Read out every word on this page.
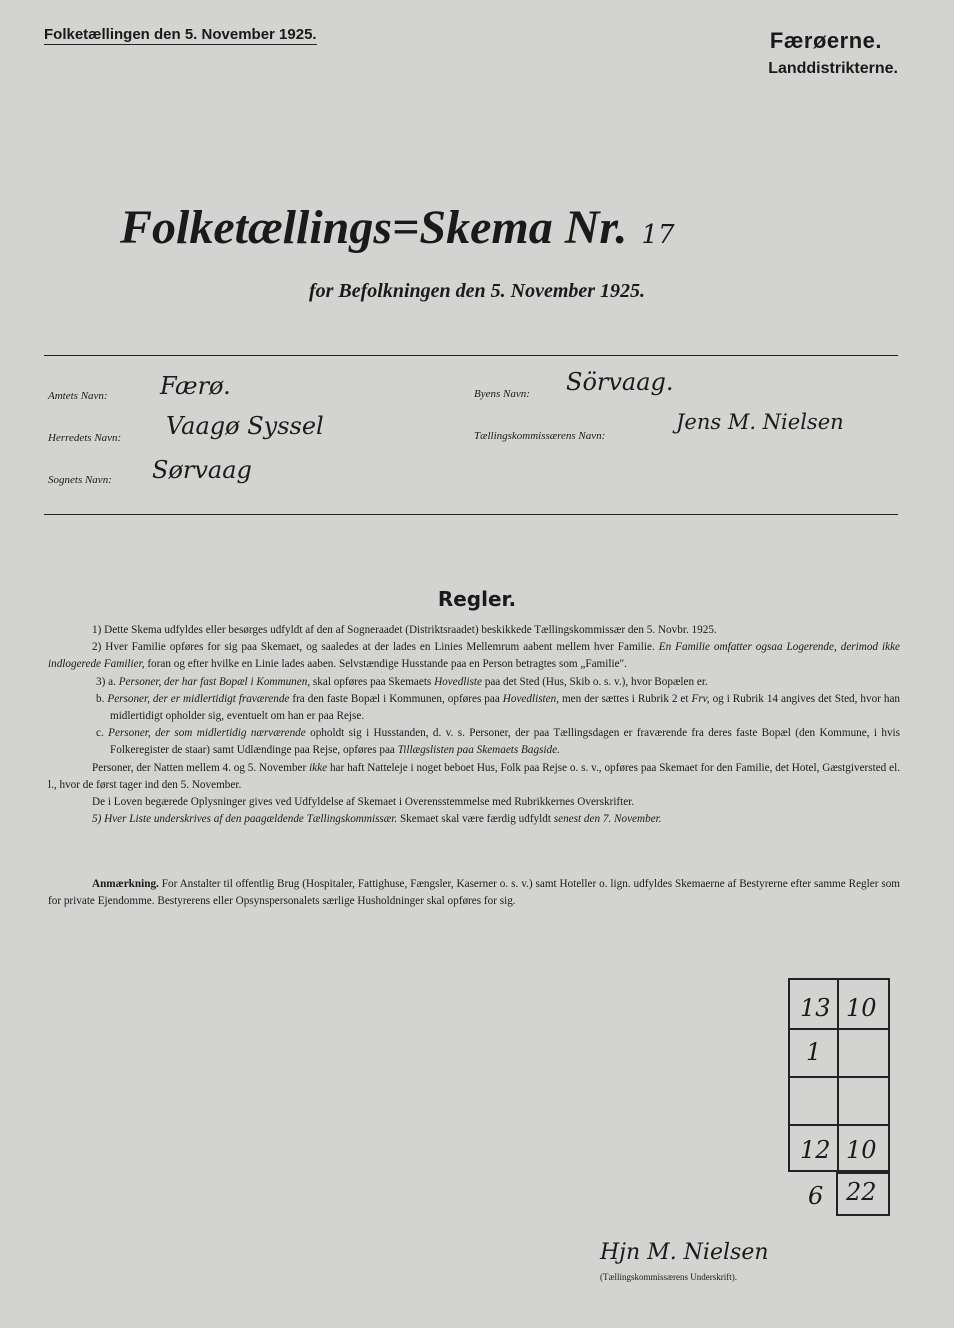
Folketællingen den 5. November 1925.	Færøerne.
Landdistrikterne.
Folketællings=Skema Nr. 17
for Befolkningen den 5. November 1925.
Amtets Navn: Færø.	Byens Navn: Sörvaag.
Herredets Navn: Vaagø Syssel	Tællingskommissærens Navn:
Jens M. Nielsen
Sognets Navn: Sørvaag
Regler.

1) Dette Skema udfyldes eller besørges udfyldt af den af Sogneraadet (Distriktsraadet) beskikkede Tællingskommissær den 5. Novbr. 1925.

2) Hver Familie opføres for sig paa Skemaet, og saaledes at der lades en Linies Mellemrum aabent mellem hver Familie. En Familie omfatter ogsaa Logerende, derimod ikke indlogerede Familier, foran og efter hvilke en Linie lades aaben. Selvstændige Husstande paa en Person betragtes som „Familie".

3) a. Personer, der har fast Bopæl i Kommunen, skal opføres paa Skemaets Hovedliste paa det Sted (Hus, Skib o. s. v.), hvor Bopælen er.

b. Personer, der er midlertidigt fraværende fra den faste Bopæl i Kommunen, opføres paa Hovedlisten, men der sættes i Rubrik 2 et Frv, og i Rubrik 14 angives det Sted, hvor han midlertidigt opholder sig, eventuelt om han er paa Rejse.

c. Personer, der som midlertidig nærværende opholdt sig i Husstanden, d. v. s. Personer, der paa Tællingsdagen er fraværende fra deres faste Bopæl (den Kommune, i hvis Folkeregister de staar) samt Udlændinge paa Rejse, opføres paa Tillægslisten paa Skemaets Bagside.

Personer, der Natten mellem 4. og 5. November ikke har haft Natteleje i noget beboet Hus, Folk paa Rejse o. s. v., opføres paa Skemaet for den Familie, det Hotel, Gæstgiversted el. l., hvor de først tager ind den 5. November.

De i Loven begærede Oplysninger gives ved Udfyldelse af Skemaet i Overensstemmelse med Rubrikkernes Overskrifter.

5) Hver Liste underskrives af den paagældende Tællingskommissær. Skemaet skal være færdig udfyldt senest den 7. November.

Anmærkning. For Anstalter til offentlig Brug (Hospitaler, Fattighuse, Fængsler, Kaserner o. s. v.) samt Hoteller o. lign. udfyldes Skemaerne af Bestyrerne efter samme Regler som for private Ejendomme. Bestyrerens eller Opsynspersonalets særlige Husholdninger skal opføres for sig.
13 10
1
12 10
6 22
Hjn M. Nielsen
(Tællingskommissærens Underskrift).
